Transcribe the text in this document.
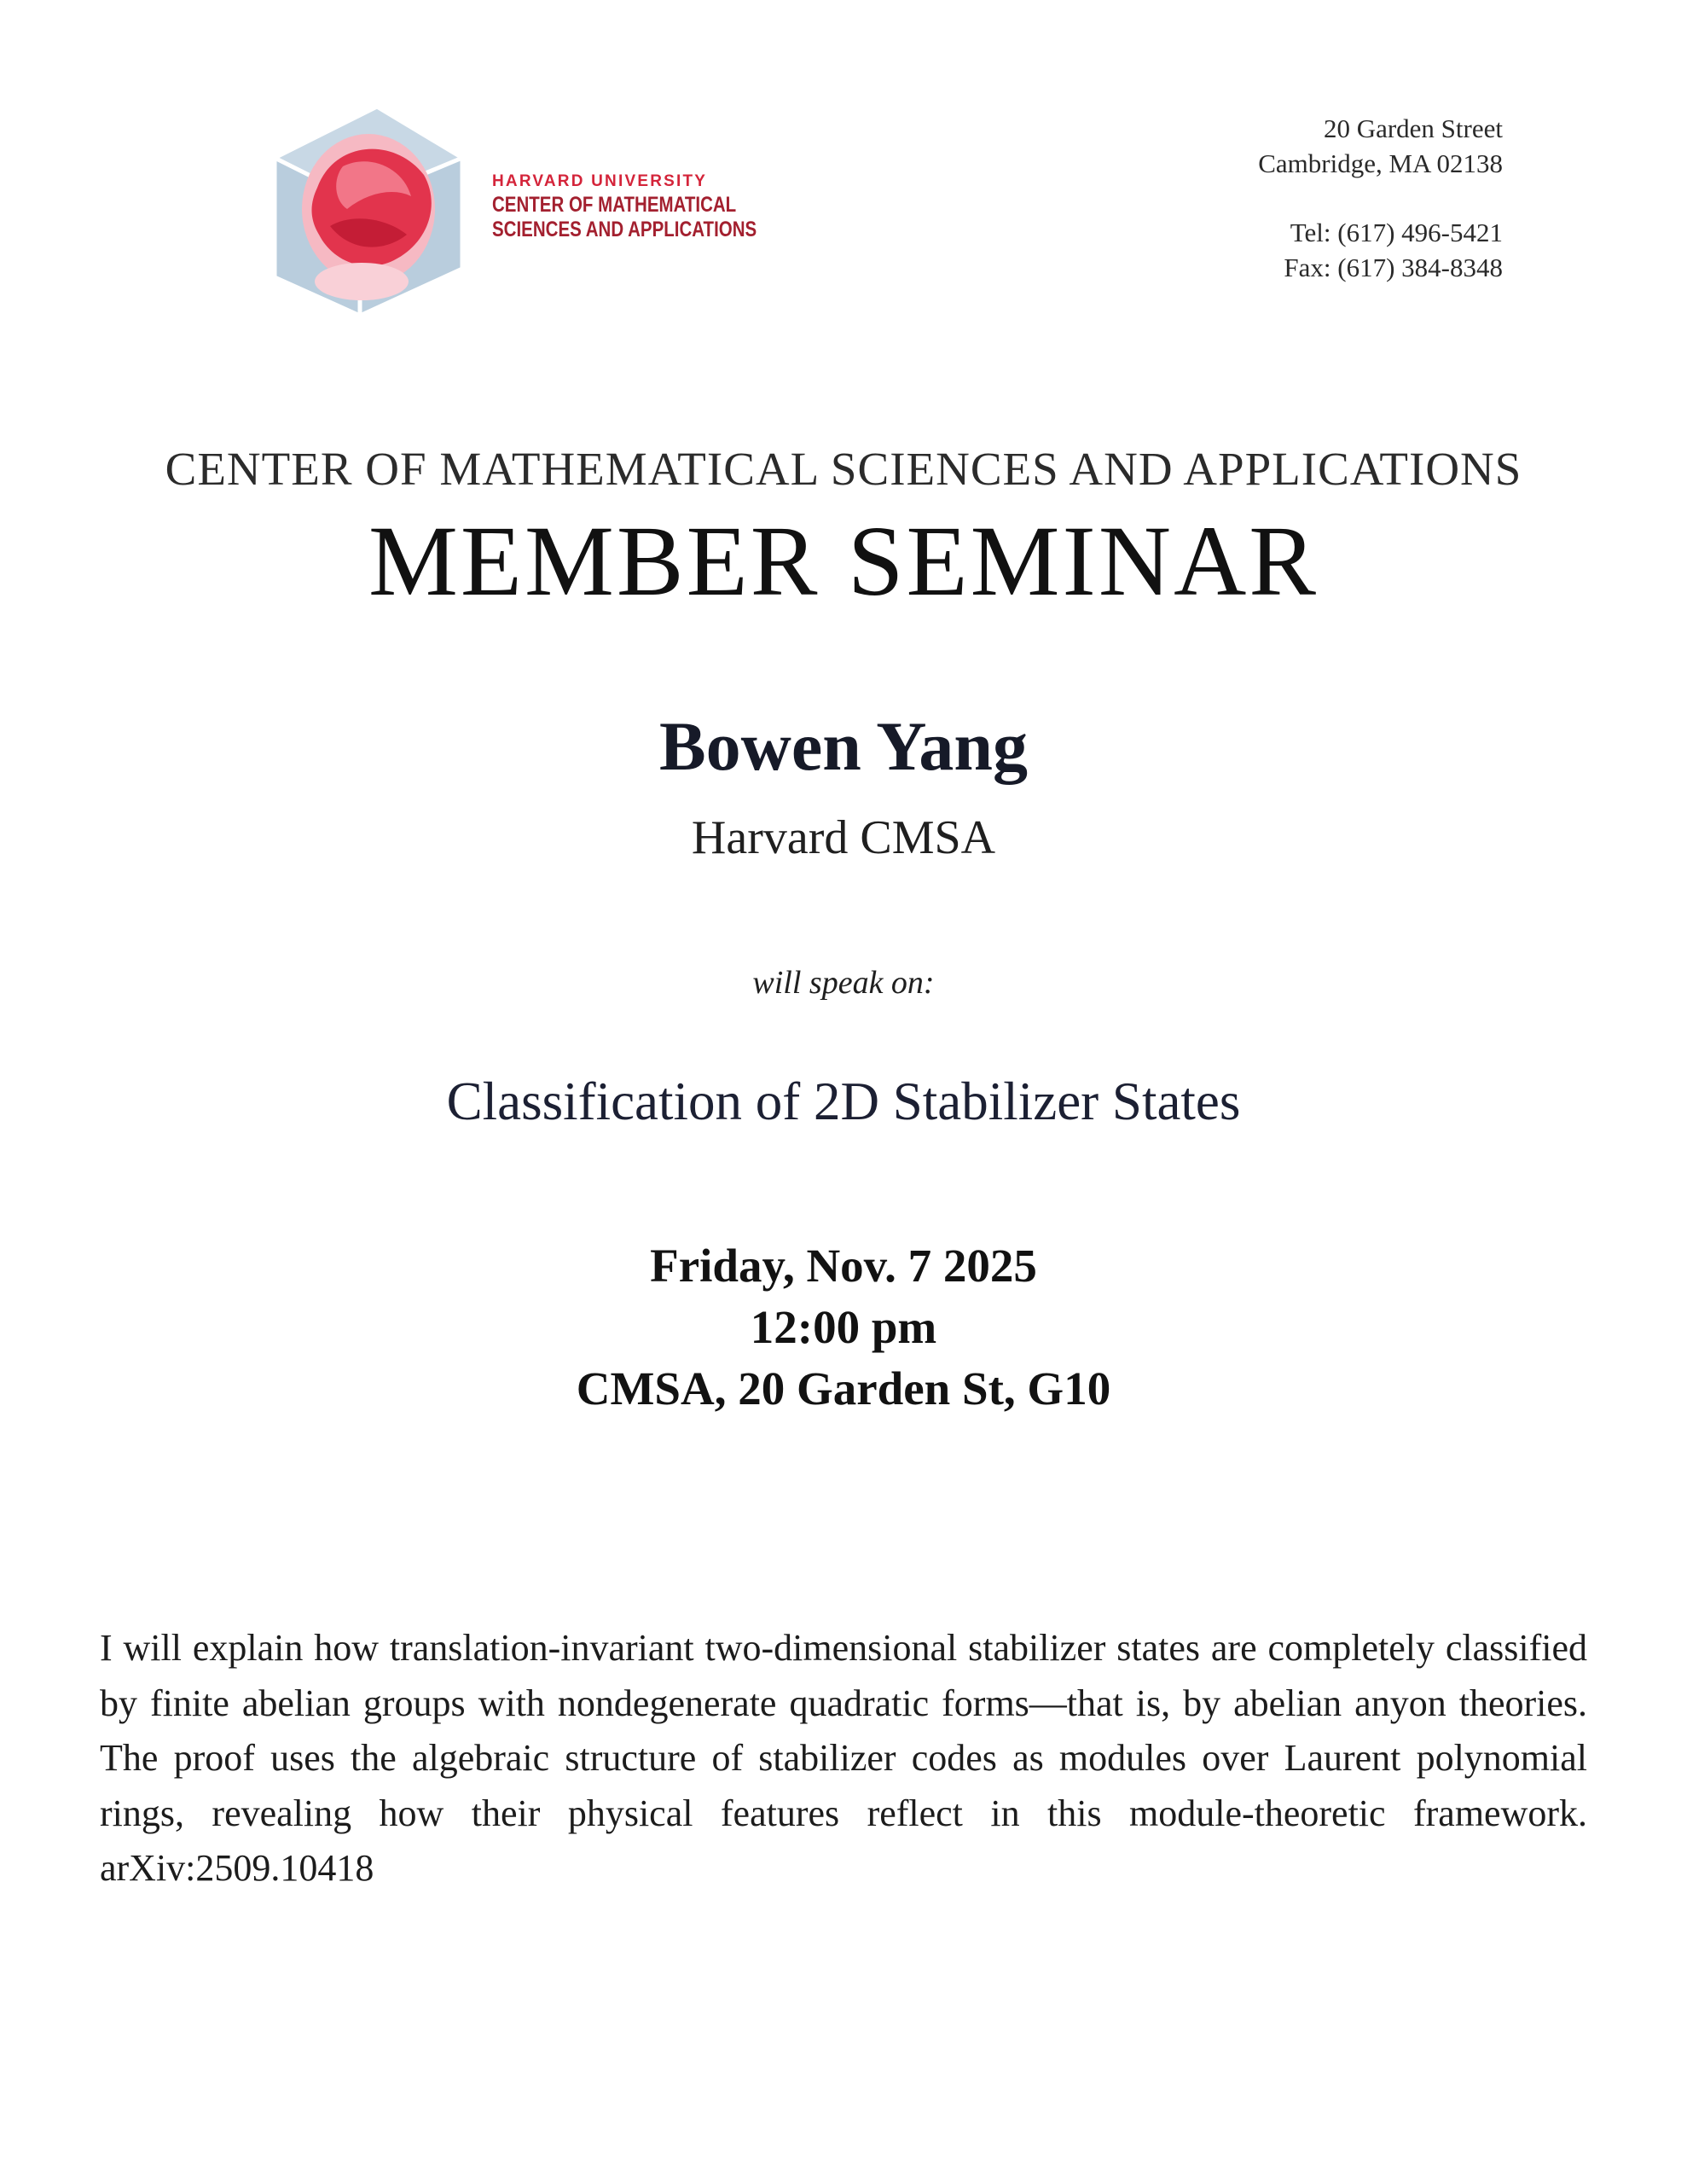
HARVARD UNIVERSITY
CENTER OF MATHEMATICAL
SCIENCES AND APPLICATIONS
20 Garden Street
Cambridge, MA 02138
Tel: (617) 496-5421
Fax: (617) 384-8348
CENTER OF MATHEMATICAL SCIENCES AND APPLICATIONS
MEMBER SEMINAR
Bowen Yang
Harvard CMSA
will speak on:
Classification of 2D Stabilizer States
Friday, Nov. 7 2025
12:00 pm
CMSA, 20 Garden St, G10
I will explain how translation-invariant two-dimensional stabilizer states are completely classified by finite abelian groups with nondegenerate quadratic forms—that is, by abelian anyon theories. The proof uses the algebraic structure of stabilizer codes as modules over Laurent polynomial rings, revealing how their physical features reflect in this module-theoretic framework. arXiv:2509.10418
